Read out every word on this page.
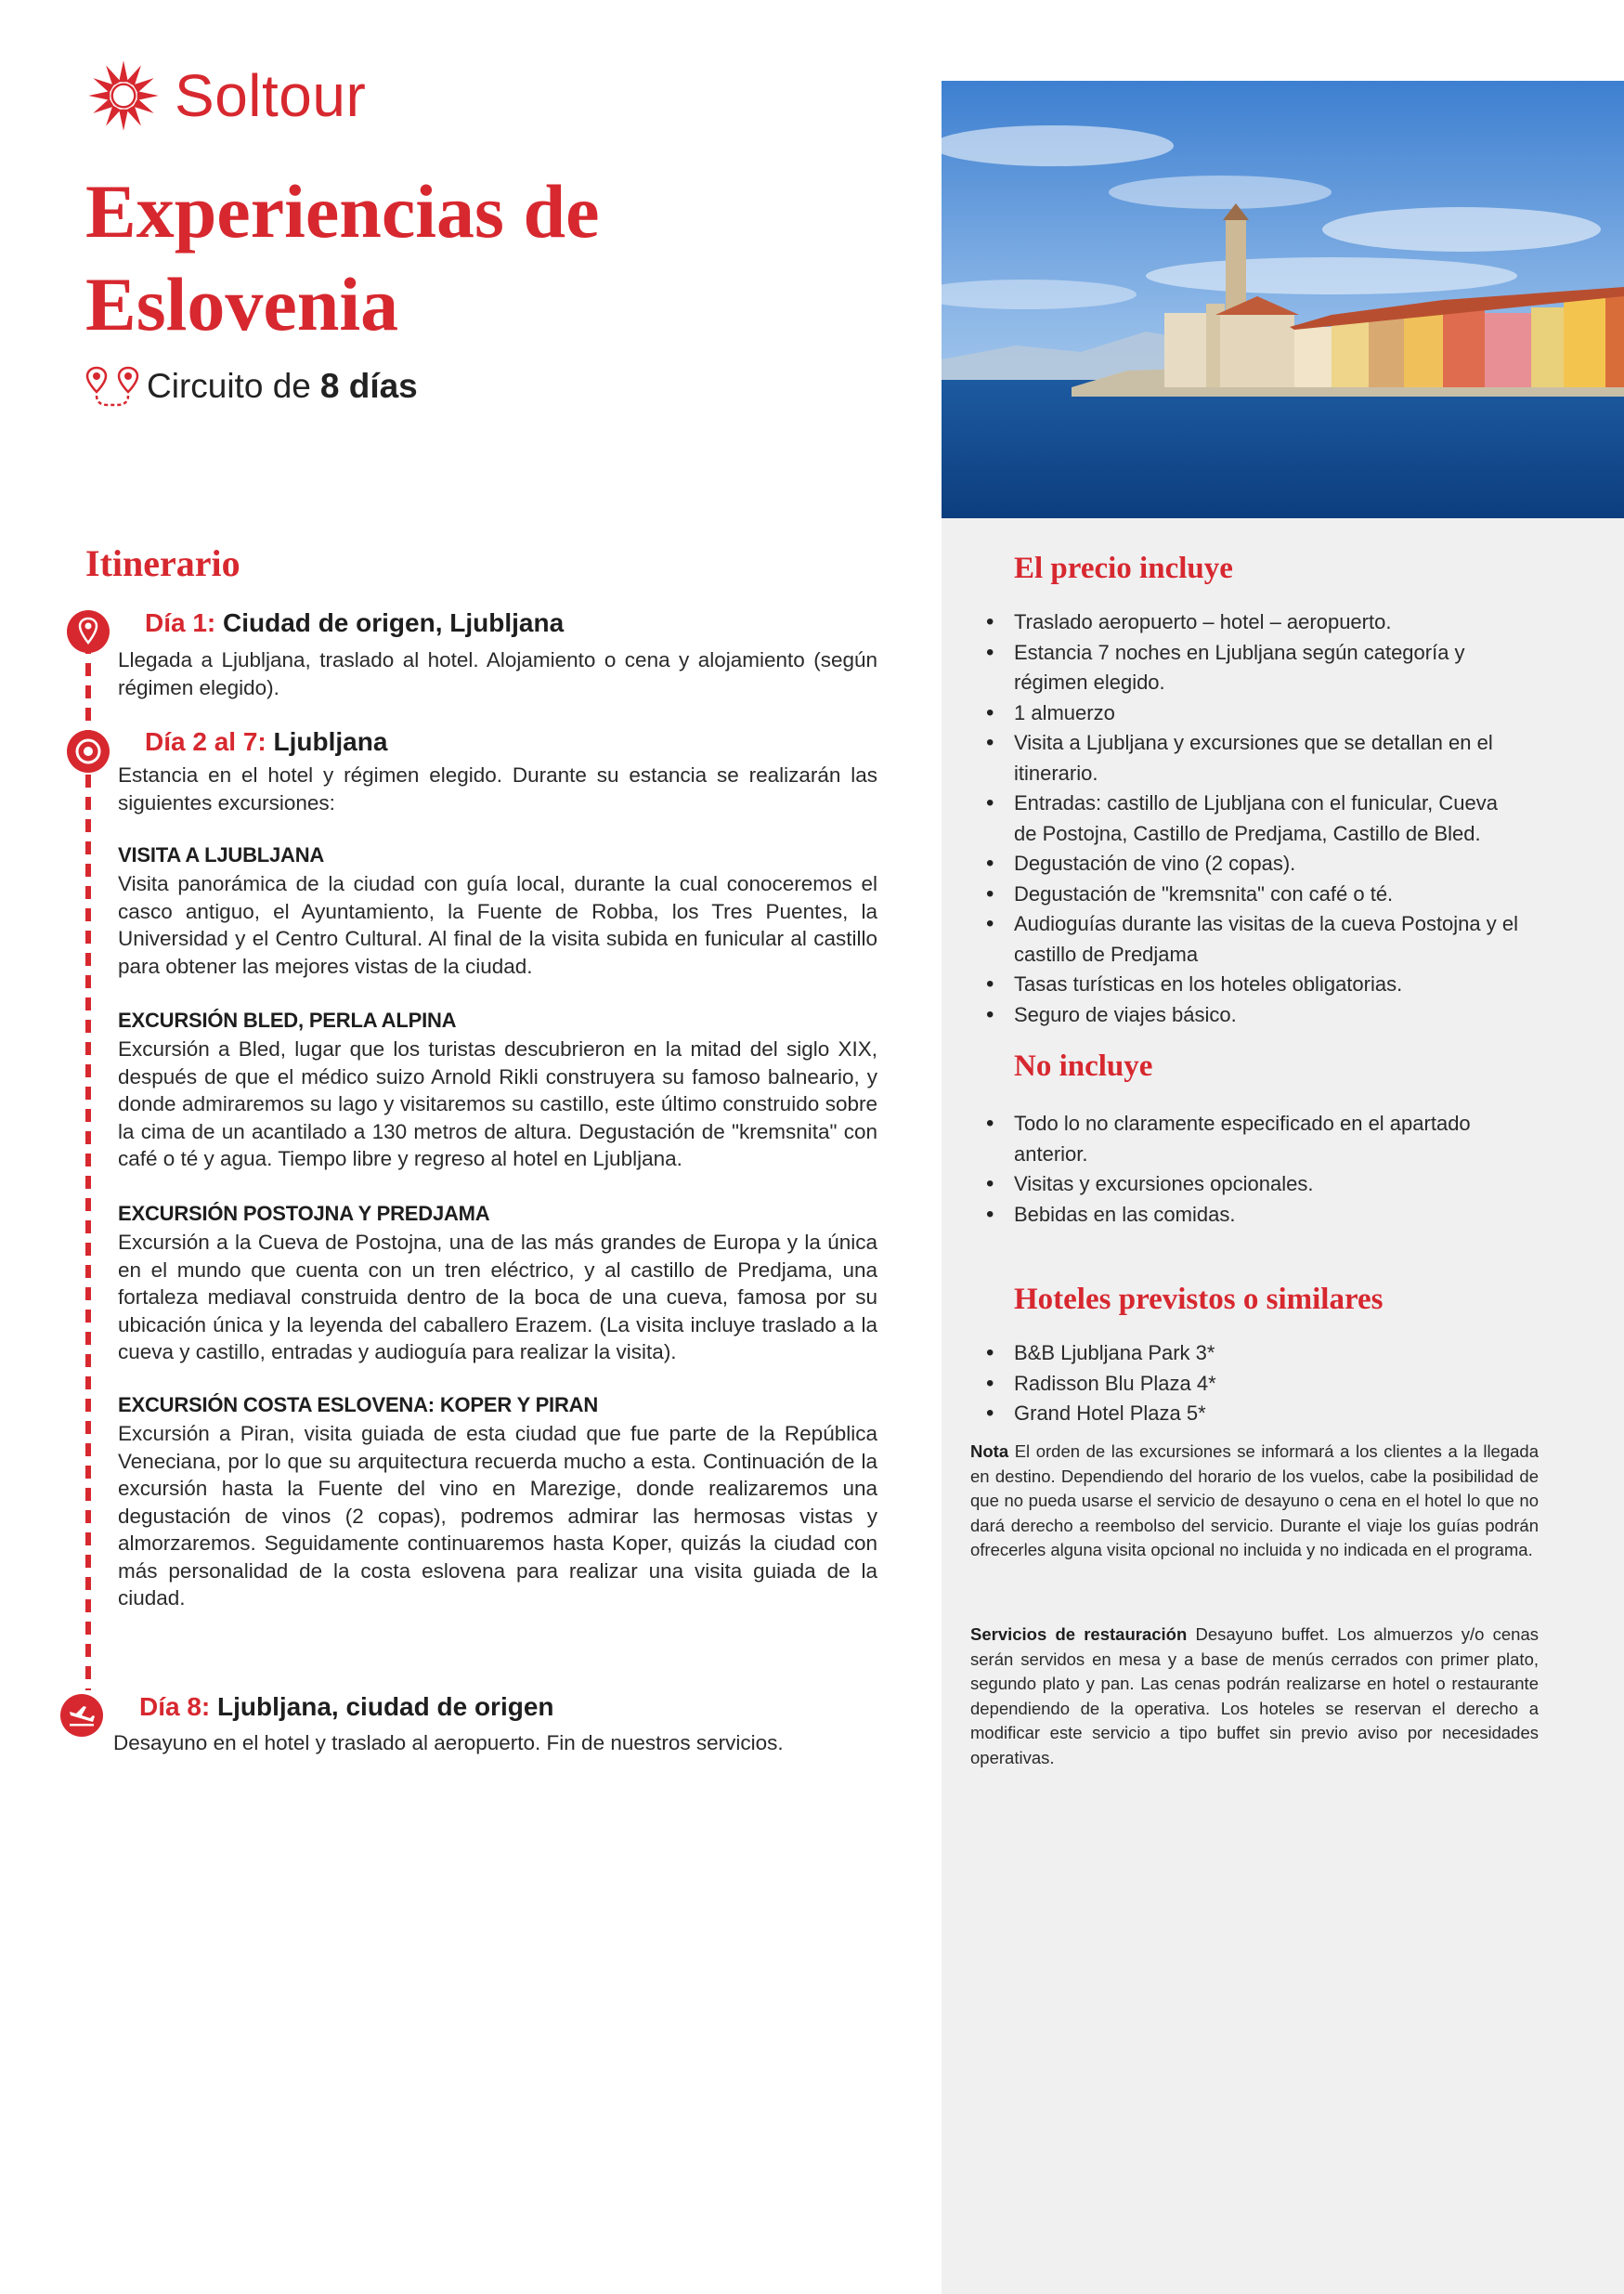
Soltour
Experiencias de
Eslovenia
Circuito de 8 días
Itinerario

Día 1: Ciudad de origen, Ljubljana

Llegada a Ljubljana, traslado al hotel. Alojamiento o cena y alojamiento (según régimen elegido).

Día 2 al 7: Ljubljana

Estancia en el hotel y régimen elegido. Durante su estancia se realizarán las siguientes excursiones:

VISITA A LJUBLJANA

Visita panorámica de la ciudad con guía local, durante la cual conoceremos el casco antiguo, el Ayuntamiento, la Fuente de Robba, los Tres Puentes, la Universidad y el Centro Cultural. Al final de la visita subida en funicular al castillo para obtener las mejores vistas de la ciudad.

EXCURSIÓN BLED, PERLA ALPINA

Excursión a Bled, lugar que los turistas descubrieron en la mitad del siglo XIX, después de que el médico suizo Arnold Rikli construyera su famoso balneario, y donde admiraremos su lago y visitaremos su castillo, este último construido sobre la cima de un acantilado a 130 metros de altura. Degustación de "kremsnita" con café o té y agua. Tiempo libre y regreso al hotel en Ljubljana.

EXCURSIÓN POSTOJNA Y PREDJAMA

Excursión a la Cueva de Postojna, una de las más grandes de Europa y la única en el mundo que cuenta con un tren eléctrico, y al castillo de Predjama, una fortaleza mediaval construida dentro de la boca de una cueva, famosa por su ubicación única y la leyenda del caballero Erazem. (La visita incluye traslado a la cueva y castillo, entradas y audioguía para realizar la visita).

EXCURSIÓN COSTA ESLOVENA: KOPER Y PIRAN

Excursión a Piran, visita guiada de esta ciudad que fue parte de la República Veneciana, por lo que su arquitectura recuerda mucho a esta. Continuación de la excursión hasta la Fuente del vino en Marezige, donde realizaremos una degustación de vinos (2 copas), podremos admirar las hermosas vistas y almorzaremos. Seguidamente continuaremos hasta Koper, quizás la ciudad con más personalidad de la costa eslovena para realizar una visita guiada de la ciudad.

Día 8: Ljubljana, ciudad de origen

Desayuno en el hotel y traslado al aeropuerto. Fin de nuestros servicios.

El precio incluye
• Traslado aeropuerto – hotel – aeropuerto.
• Estancia 7 noches en Ljubljana según categoría y régimen elegido.
• 1 almuerzo
• Visita a Ljubljana y excursiones que se detallan en el itinerario.
• Entradas: castillo de Ljubljana con el funicular, Cueva de Postojna, Castillo de Predjama, Castillo de Bled.
• Degustación de vino (2 copas).
• Degustación de "kremsnita" con café o té.
• Audioguías durante las visitas de la cueva Postojna y el castillo de Predjama
• Tasas turísticas en los hoteles obligatorias.
• Seguro de viajes básico.
No incluye
• Todo lo no claramente especificado en el apartado anterior.
• Visitas y excursiones opcionales.
• Bebidas en las comidas.
Hoteles previstos o similares
• B&B Ljubljana Park 3*
• Radisson Blu Plaza 4*
• Grand Hotel Plaza 5*

Nota El orden de las excursiones se informará a los clientes a la llegada en destino. Dependiendo del horario de los vuelos, cabe la posibilidad de que no pueda usarse el servicio de desayuno o cena en el hotel lo que no dará derecho a reembolso del servicio. Durante el viaje los guías podrán ofrecerles alguna visita opcional no incluida y no indicada en el programa.

Servicios de restauración Desayuno buffet. Los almuerzos y/o cenas serán servidos en mesa y a base de menús cerrados con primer plato, segundo plato y pan. Las cenas podrán realizarse en hotel o restaurante dependiendo de la operativa. Los hoteles se reservan el derecho a modificar este servicio a tipo buffet sin previo aviso por necesidades operativas.
